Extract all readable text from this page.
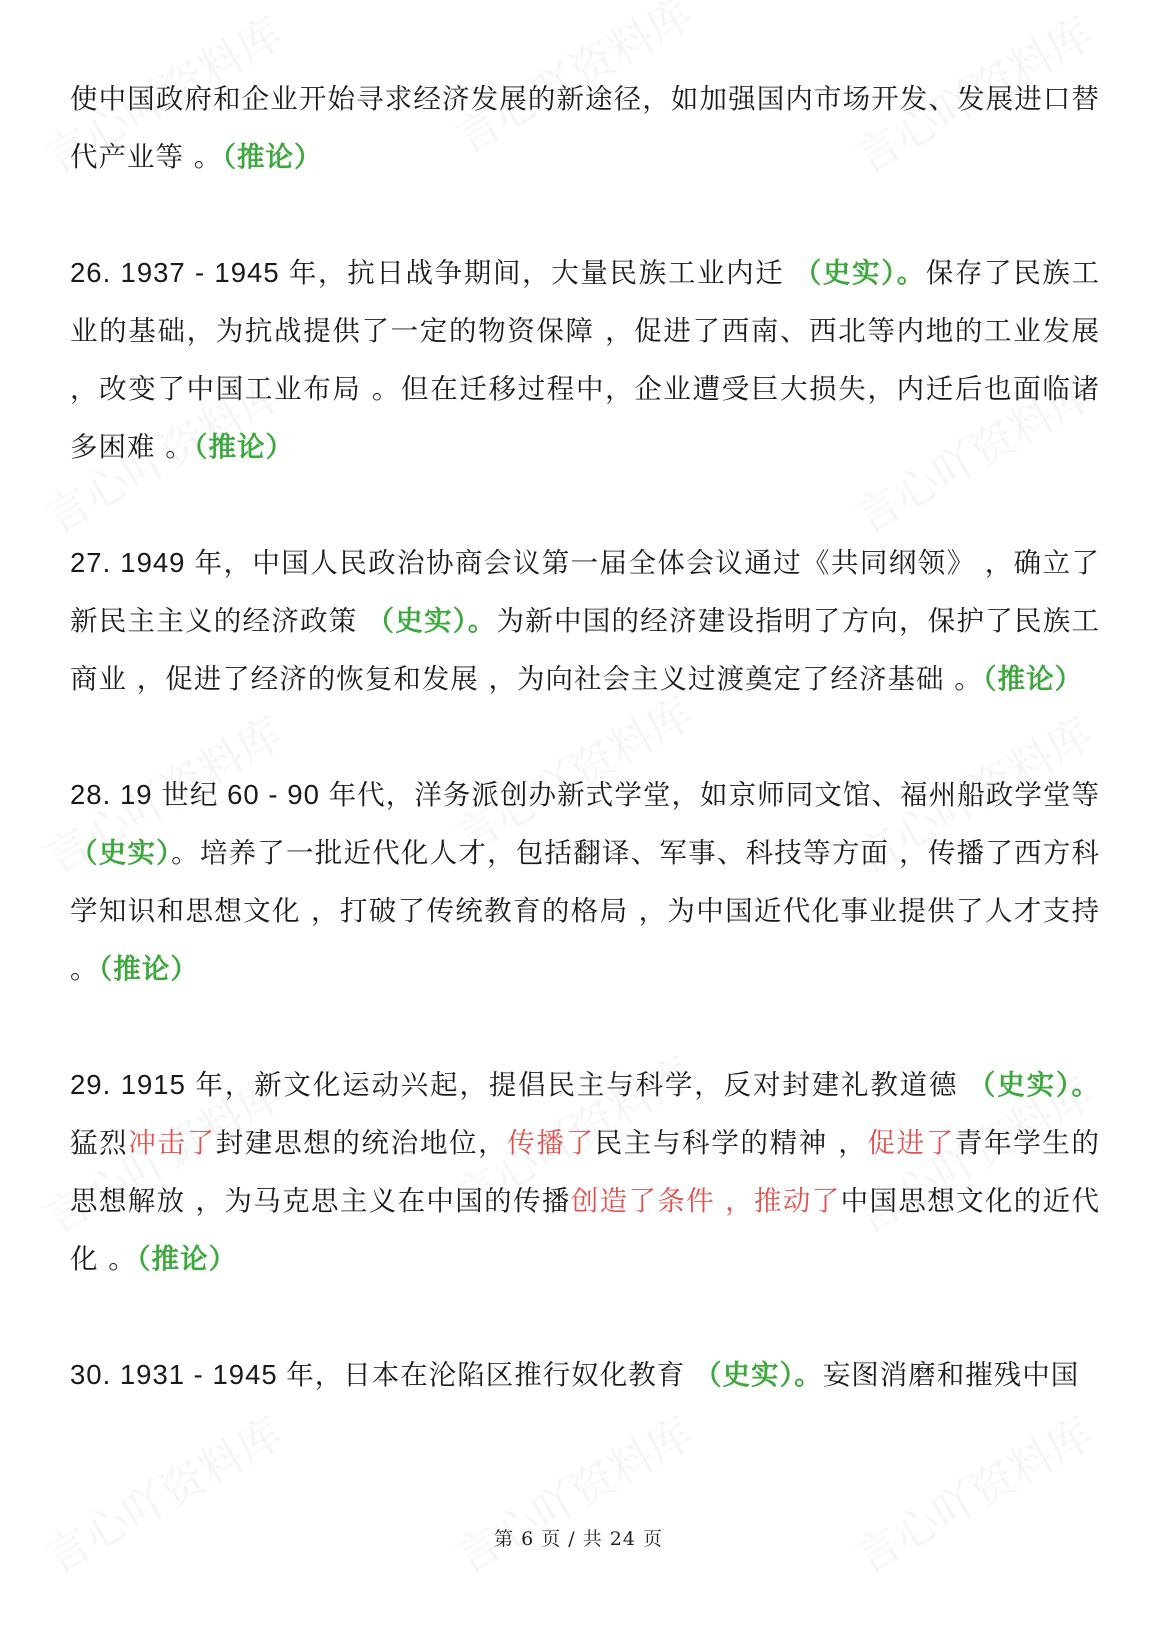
使中国政府和企业开始寻求经济发展的新途径，如加强国内市场开发、发展进口替代产业等 。（推论）

26. 1937 - 1945 年，抗日战争期间，大量民族工业内迁 （史实）。保存了民族工业的基础，为抗战提供了一定的物资保障 ，促进了西南、西北等内地的工业发展 ，改变了中国工业布局 。但在迁移过程中，企业遭受巨大损失，内迁后也面临诸多困难 。（推论）

27. 1949 年，中国人民政治协商会议第一届全体会议通过《共同纲领》 ，确立了新民主主义的经济政策 （史实）。为新中国的经济建设指明了方向，保护了民族工商业 ，促进了经济的恢复和发展 ，为向社会主义过渡奠定了经济基础 。（推论）

28. 19 世纪 60 - 90 年代，洋务派创办新式学堂，如京师同文馆、福州船政学堂等（史实）。培养了一批近代化人才，包括翻译、军事、科技等方面 ，传播了西方科学知识和思想文化 ，打破了传统教育的格局 ，为中国近代化事业提供了人才支持 。（推论）

29. 1915 年，新文化运动兴起，提倡民主与科学，反对封建礼教道德 （史实）。猛烈冲击了封建思想的统治地位，传播了民主与科学的精神 ，促进了青年学生的思想解放 ，为马克思主义在中国的传播创造了条件 ，推动了中国思想文化的近代化 。（推论）

30. 1931 - 1945 年，日本在沦陷区推行奴化教育 （史实）。妄图消磨和摧残中国

第 6 页 / 共 24 页
